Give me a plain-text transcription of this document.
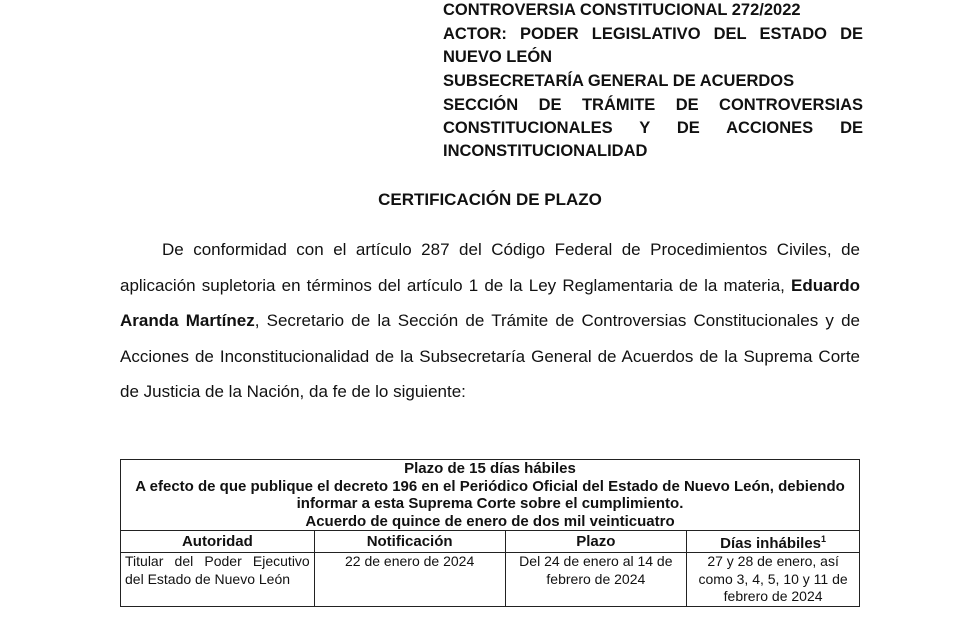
CONTROVERSIA CONSTITUCIONAL 272/2022
ACTOR: PODER LEGISLATIVO DEL ESTADO DE
NUEVO LEÓN
SUBSECRETARÍA GENERAL DE ACUERDOS
SECCIÓN DE TRÁMITE DE CONTROVERSIAS
CONSTITUCIONALES Y DE ACCIONES DE
INCONSTITUCIONALIDAD
CERTIFICACIÓN DE PLAZO
De conformidad con el artículo 287 del Código Federal de Procedimientos Civiles, de aplicación supletoria en términos del artículo 1 de la Ley Reglamentaria de la materia, Eduardo Aranda Martínez, Secretario de la Sección de Trámite de Controversias Constitucionales y de Acciones de Inconstitucionalidad de la Subsecretaría General de Acuerdos de la Suprema Corte de Justicia de la Nación, da fe de lo siguiente:
Plazo de 15 días hábiles
A efecto de que publique el decreto 196 en el Periódico Oficial del Estado de Nuevo León, debiendo informar a esta Suprema Corte sobre el cumplimiento.
Acuerdo de quince de enero de dos mil veinticuatro			

Autoridad	Notificación	Plazo	Días inhábiles$^1$
Titular del Poder Ejecutivo del Estado de Nuevo León	22 de enero de 2024	Del 24 de enero al 14 de febrero de 2024	27 y 28 de enero, así como 3, 4, 5, 10 y 11 de febrero de 2024
